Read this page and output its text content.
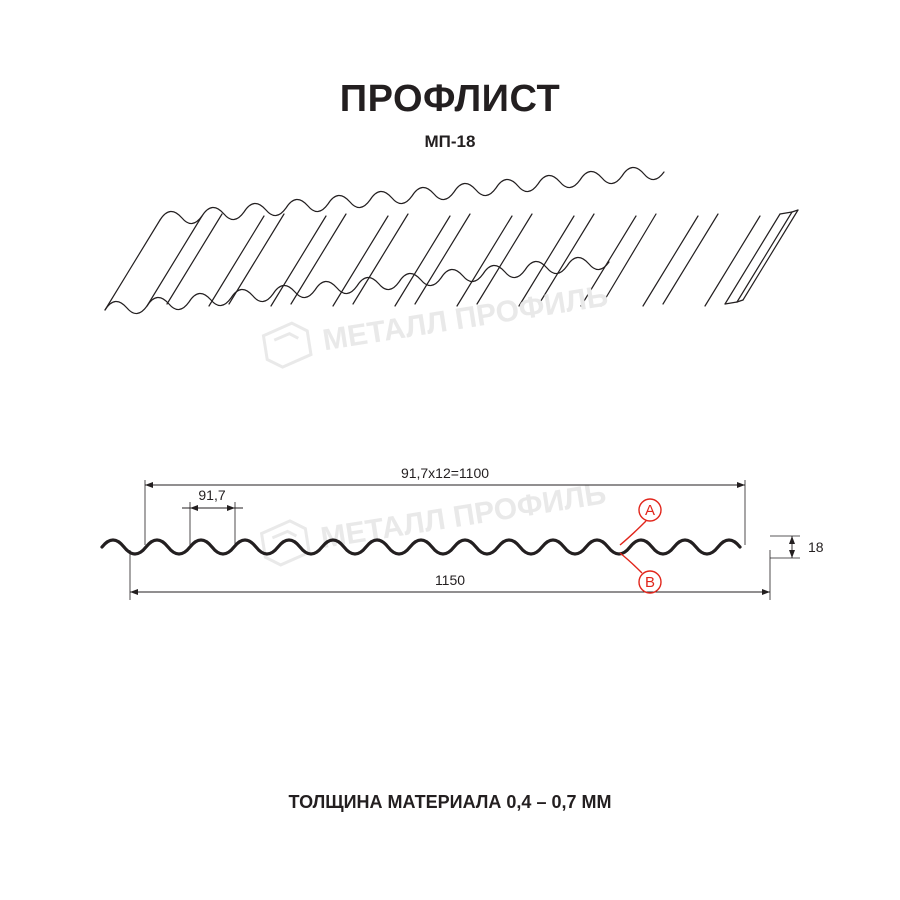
ПРОФЛИСТ
МП-18
МЕТАЛЛ ПРОФИЛЬ
МЕТАЛЛ ПРОФИЛЬ
91,7х12=1100
91,7
1150
18
A
B
ТОЛЩИНА МАТЕРИАЛА 0,4 – 0,7 ММ
